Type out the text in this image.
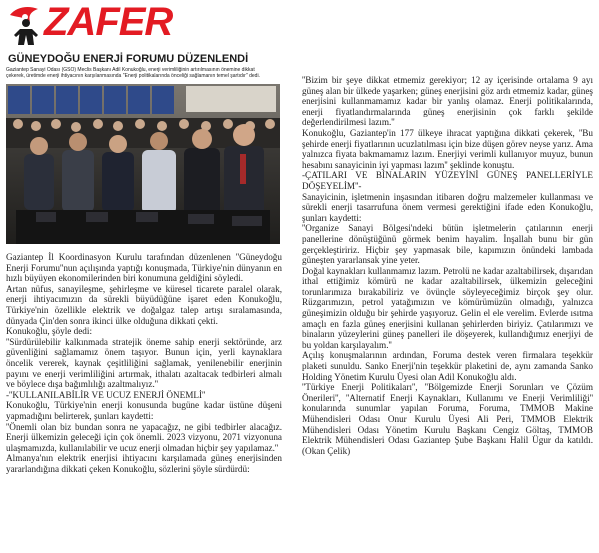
ZAFER
GÜNEYDOĞU ENERJİ FORUMU DÜZENLENDİ
Gaziantep Sanayi Odası (GSO) Meclis Başkanı Adil Konukoğlu, enerji verimliliğinin artırılmasının önemine dikkat çekerek, üretimde enerji ihtiyacının karşılanmasında ''Enerji politikalarında önceliği sağlamanın temel şartıdır'' dedi.

Gaziantep İl Koordinasyon Kurulu tarafından düzenlenen ''Güneydoğu Enerji Forumu''nun açılışında yaptığı konuşmada, Türkiye'nin dünyanın en hızlı büyüyen ekonomilerinden biri konumuna geldiğini söyledi.

Artan nüfus, sanayileşme, şehirleşme ve küresel ticarete paralel olarak, enerji ihtiyacımızın da sürekli büyüdüğüne işaret eden Konukoğlu, Türkiye'nin özellikle elektrik ve doğalgaz talep artışı sıralamasında, dünyada Çin'den sonra ikinci ülke olduğuna dikkati çekti.

Konukoğlu, şöyle dedi:

''Sürdürülebilir kalkınmada stratejik öneme sahip enerji sektöründe, arz güvenliğini sağlamamız önem taşıyor. Bunun için, yerli kaynaklara öncelik vererek, kaynak çeşitliliğini sağlamak, yenilenebilir enerjinin payını ve enerji verimliliğini artırmak, ithalatı azaltacak tedbirleri almalı ve böylece dışa bağımlılığı azaltmalıyız.''

-''KULLANILABİLİR VE UCUZ ENERJİ ÖNEMLİ''

Konukoğlu, Türkiye'nin enerji konusunda bugüne kadar üstüne düşeni yapmadığını belirterek, şunları kaydetti:

''Önemli olan biz bundan sonra ne yapacağız, ne gibi tedbirler alacağız. Enerji ülkemizin geleceği için çok önemli. 2023 vizyonu, 2071 vizyonuna ulaşmamızda, kullanılabilir ve ucuz enerji olmadan hiçbir şey yapılamaz.''

Almanya'nın elektrik enerjisi ihtiyacını karşılamada güneş enerjisinden yararlandığına dikkati çeken Konukoğlu, sözlerini şöyle sürdürdü:

''Bizim bir şeye dikkat etmemiz gerekiyor; 12 ay içerisinde ortalama 9 ayı güneş alan bir ülkede yaşarken; güneş enerjisini göz ardı etmemiz kadar, güneş enerjisini kullanmamamız kadar bir yanlış olamaz. Enerji politikalarında, enerji fiyatlandırmalarında güneş enerjisinin çok farklı şekilde değerlendirilmesi lazım.''

Konukoğlu, Gaziantep'in 177 ülkeye ihracat yaptığına dikkati çekerek, ''Bu şehirde enerji fiyatlarının ucuzlatılması için bize düşen görev neyse yarız. Ama yalnızca fiyata bakmamamız lazım. Enerjiyi verimli kullanıyor muyuz, bunun hesabını sanayicinin iyi yapması lazım'' şeklinde konuştu.

-ÇATILARI VE BİNALARIN YÜZEYİNİ GÜNEŞ PANELLERİYLE DÖŞEYELİM''-

Sanayicinin, işletmenin inşasından itibaren doğru malzemeler kullanması ve sürekli enerji tasarrufuna önem vermesi gerektiğini ifade eden Konukoğlu, şunları kaydetti:

''Organize Sanayi Bölgesi'ndeki bütün işletmelerin çatılarının enerji panellerine dönüştüğünü görmek benim hayalim. İnşallah bunu bir gün gerçekleştiririz. Hiçbir şey yapmasak bile, kapımızın önündeki lambada güneşten yararlansak yine yeter.

Doğal kaynakları kullanmamız lazım. Petrolü ne kadar azaltabilirsek, dışarıdan ithal ettiğimiz kömürü ne kadar azaltabilirsek, ülkemizin geleceğini torunlarımıza bırakabiliriz ve övünçle söyleyeceğimiz birçok şey olur. Rüzgarımızın, petrol yatağımızın ve kömürümüzün olmadığı, yalnızca güneşimizin olduğu bir şehirde yaşıyoruz. Gelin el ele verelim. Evlerde ısıtma amaçlı en fazla güneş enerjisini kullanan şehirlerden biriyiz. Çatılarımızı ve binaların yüzeylerini güneş panelleri ile döşeyerek, kullandığımız enerjiyi de bu yoldan karşılayalım.''

Açılış konuşmalarının ardından, Foruma destek veren firmalara teşekkür plaketi sunuldu. Sanko Enerji'nin teşekkür plaketini de, aynı zamanda Sanko Holding Yönetim Kurulu Üyesi olan Adil Konukoğlu aldı.

''Türkiye Enerji Politikaları'', ''Bölgemizde Enerji Sorunları ve Çözüm Önerileri'', ''Alternatif Enerji Kaynakları, Kullanımı ve Enerji Verimliliği'' konularında sunumlar yapılan Foruma, Foruma, TMMOB Makine Mühendisleri Odası Onur Kurulu Üyesi Ali Peri, TMMOB Elektrik Mühendisleri Odası Yönetim Kurulu Başkanı Cengiz Göltaş, TMMOB Elektrik Mühendisleri Odası Gaziantep Şube Başkanı Halil Ügur da katıldı. (Okan Çelik)
